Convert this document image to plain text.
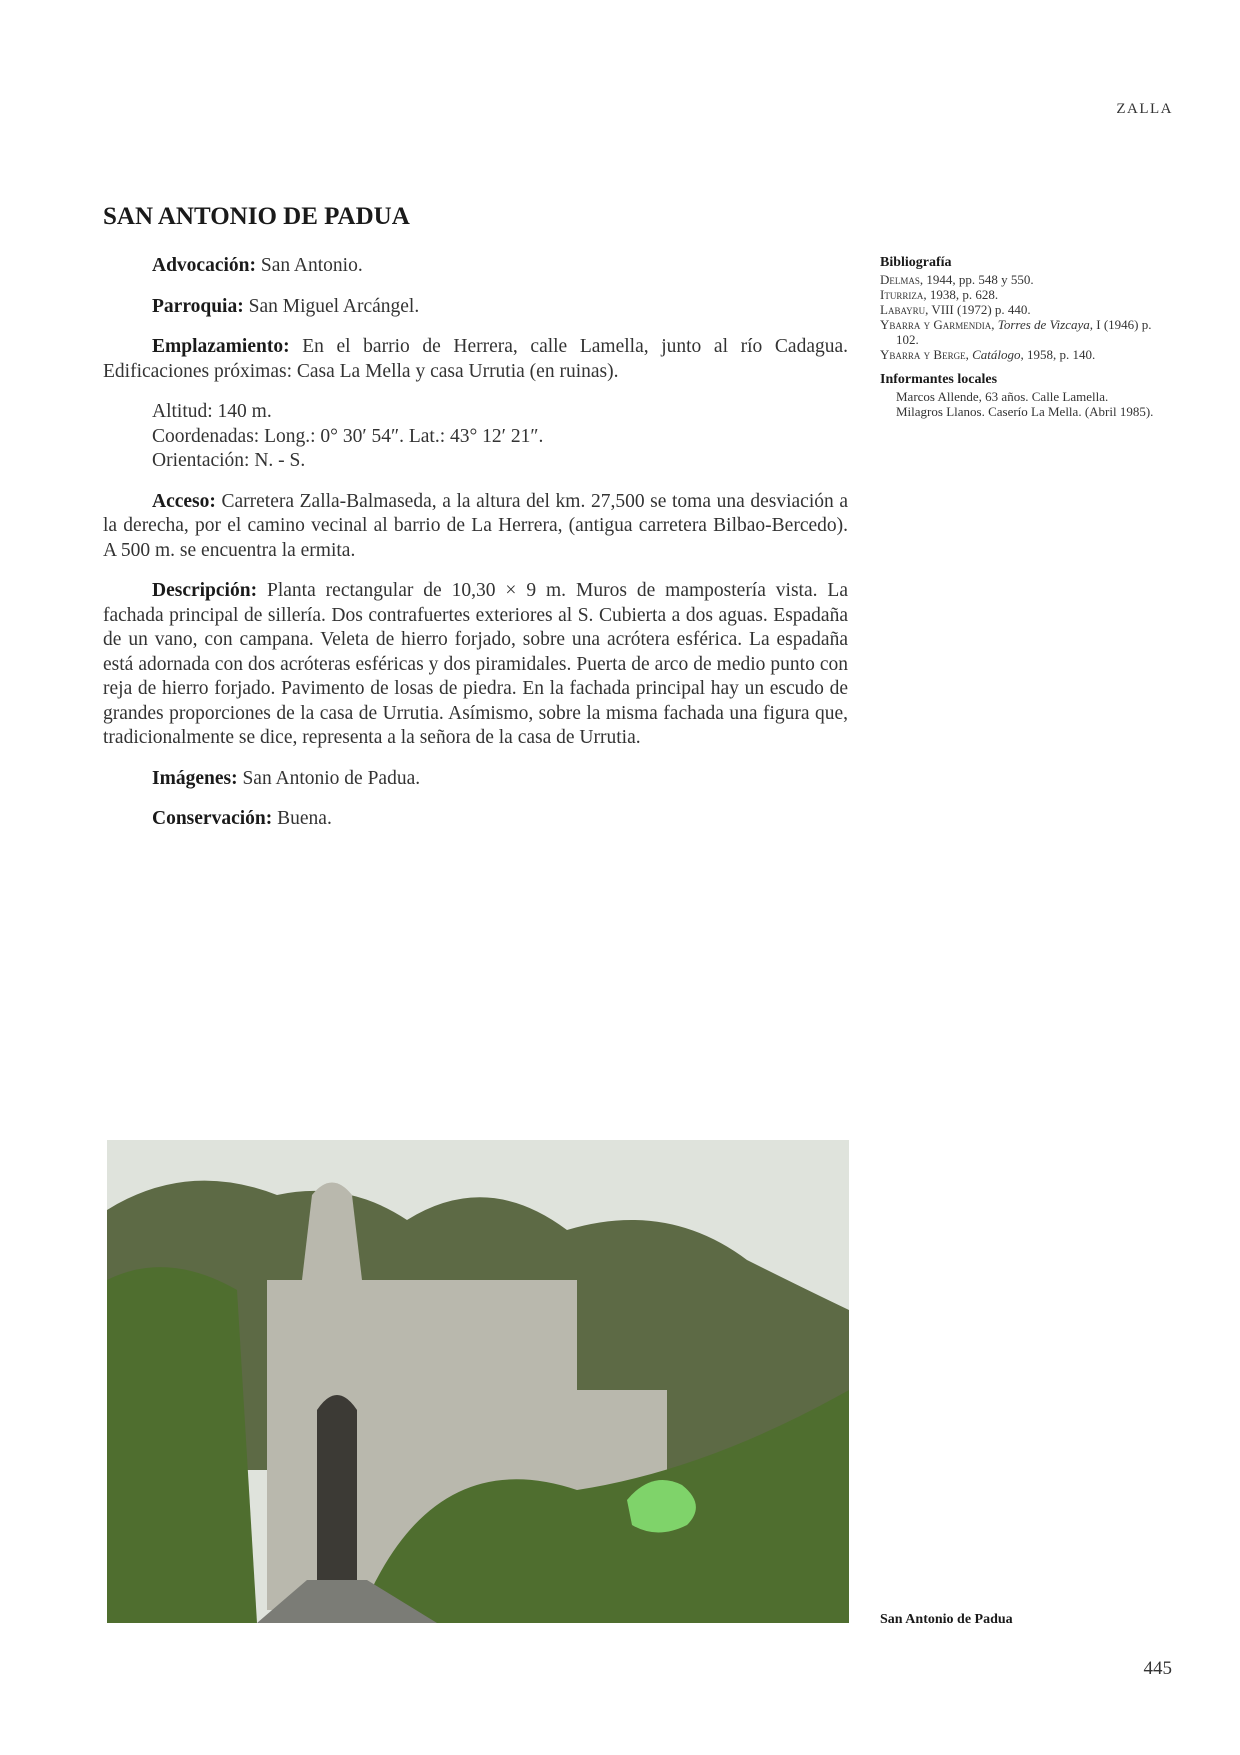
ZALLA
SAN ANTONIO DE PADUA

Advocación: San Antonio.

Parroquia: San Miguel Arcángel.

Emplazamiento: En el barrio de Herrera, calle Lamella, junto al río Cadagua. Edificaciones próximas: Casa La Mella y casa Urrutia (en ruinas).

Altitud: 140 m.
Coordenadas: Long.: 0° 30′ 54″. Lat.: 43° 12′ 21″.
Orientación: N. - S.

Acceso: Carretera Zalla-Balmaseda, a la altura del km. 27,500 se toma una desviación a la derecha, por el camino vecinal al barrio de La Herrera, (antigua carretera Bilbao-Bercedo). A 500 m. se encuentra la ermita.

Descripción: Planta rectangular de 10,30 × 9 m. Muros de mampostería vista. La fachada principal de sillería. Dos contrafuertes exteriores al S. Cubierta a dos aguas. Espadaña de un vano, con campana. Veleta de hierro forjado, sobre una acrótera esférica. La espadaña está adornada con dos acróteras esféricas y dos piramidales. Puerta de arco de medio punto con reja de hierro forjado. Pavimento de losas de piedra. En la fachada principal hay un escudo de grandes proporciones de la casa de Urrutia. Asímismo, sobre la misma fachada una figura que, tradicionalmente se dice, representa a la señora de la casa de Urrutia.

Imágenes: San Antonio de Padua.

Conservación: Buena.

Bibliografía
Delmas, 1944, pp. 548 y 550.
Iturriza, 1938, p. 628.
Labayru, VIII (1972) p. 440.
Ybarra y Garmendia, Torres de Vizcaya, I (1946) p. 102.
Ybarra y Berge, Catálogo, 1958, p. 140.
Informantes locales
Marcos Allende, 63 años. Calle Lamella.
Milagros Llanos. Caserío La Mella. (Abril 1985).
San Antonio de Padua
445
